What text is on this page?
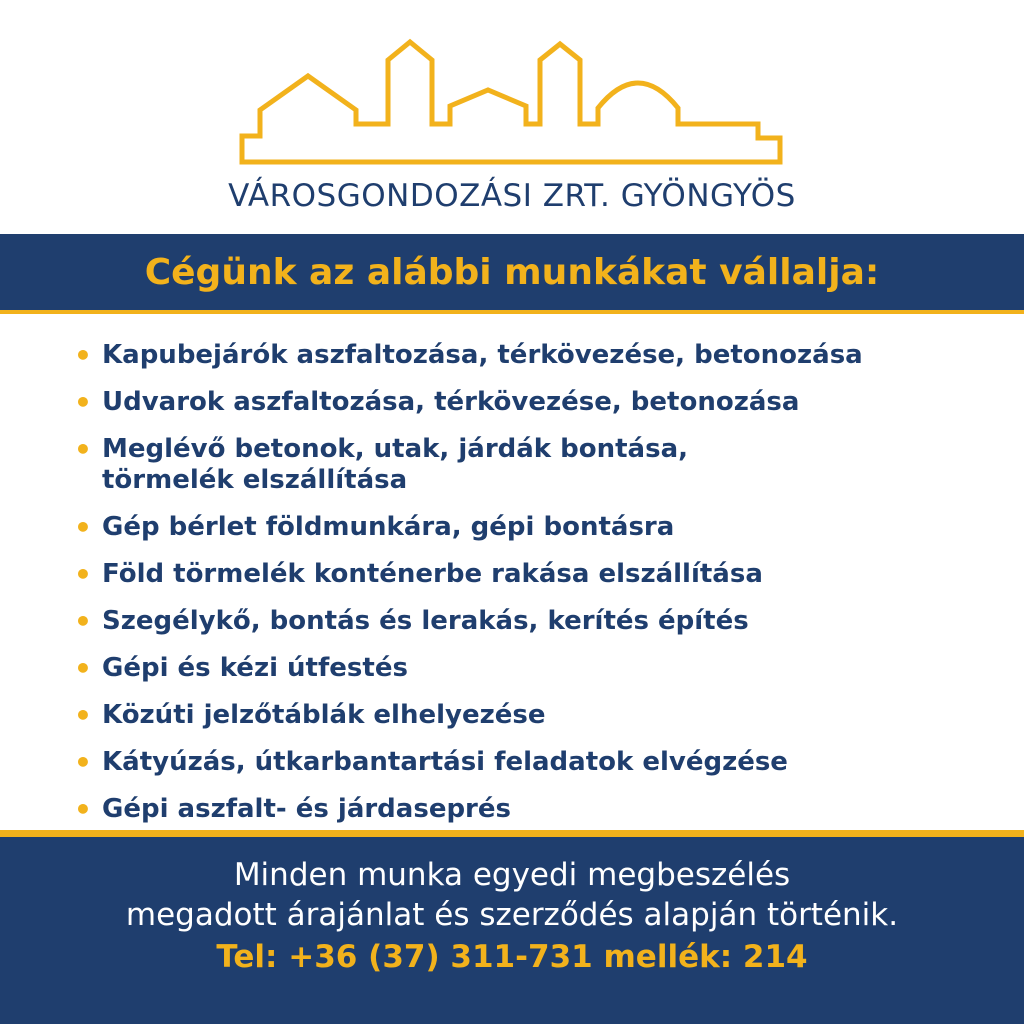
VÁROSGONDOZÁSI ZRT. GYÖNGYÖS
Cégünk az alábbi munkákat vállalja:
• Kapubejárók aszfaltozása, térkövezése, betonozása
• Udvarok aszfaltozása, térkövezése, betonozása
• Meglévő betonok, utak, járdák bontása, törmelék elszállítása
• Gép bérlet földmunkára, gépi bontásra
• Föld törmelék konténerbe rakása elszállítása
• Szegélykő, bontás és lerakás, kerítés építés
• Gépi és kézi útfestés
• Közúti jelzőtáblák elhelyezése
• Kátyúzás, útkarbantartási feladatok elvégzése
• Gépi aszfalt- és járdaseprés
Minden munka egyedi megbeszélés
megadott árajánlat és szerződés alapján történik.
Tel: +36 (37) 311-731 mellék: 214
